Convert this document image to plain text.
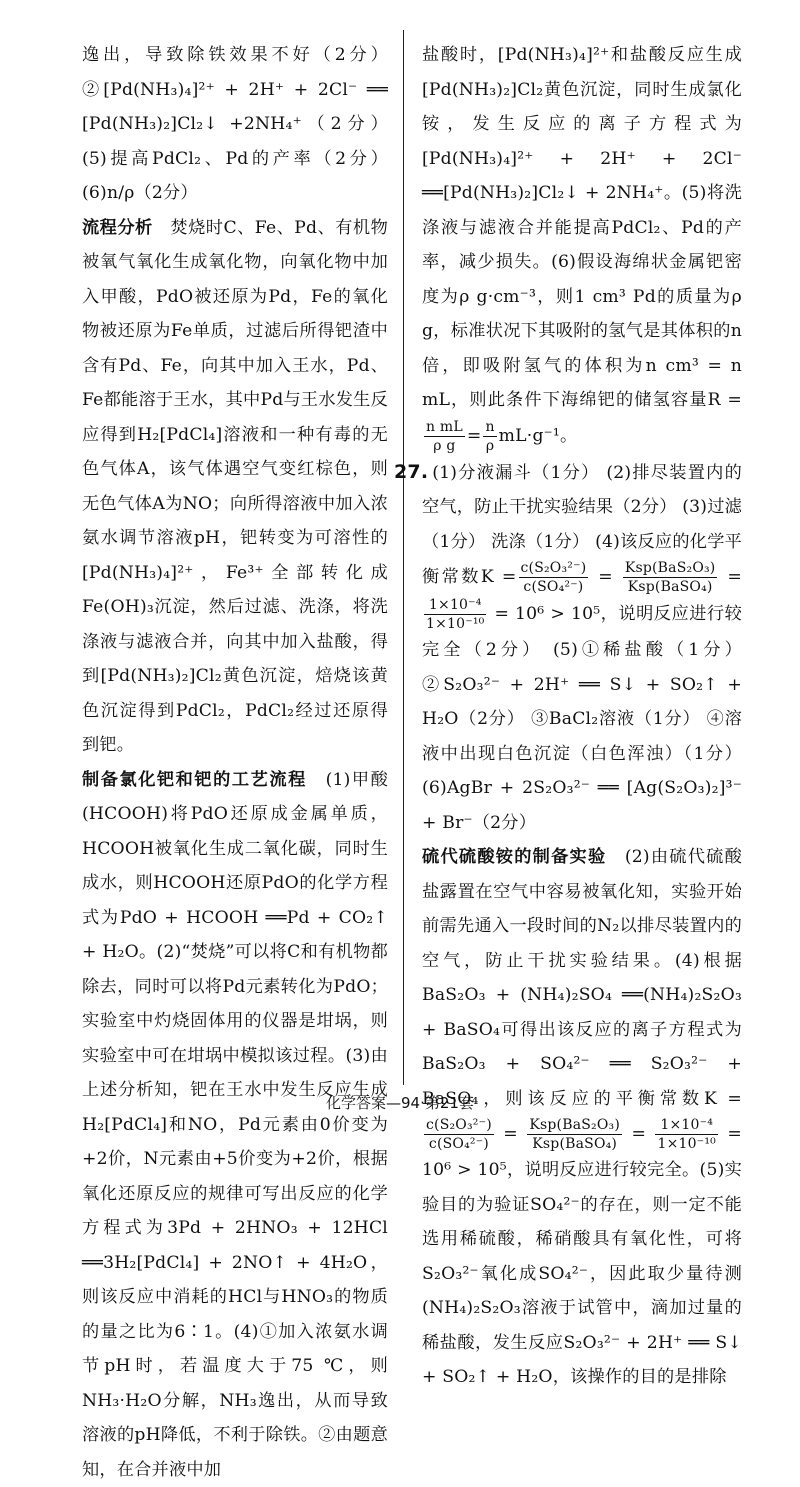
逸出，导致除铁效果不好（2分） ②[Pd(NH₃)₄]²⁺ + 2H⁺ + 2Cl⁻ ══ [Pd(NH₃)₂]Cl₂↓ +2NH₄⁺（2分） (5)提高PdCl₂、Pd的产率（2分） (6)n/ρ（2分）

流程分析　 焚烧时C、Fe、Pd、有机物被氧气氧化生成氧化物，向氧化物中加入甲酸，PdO被还原为Pd，Fe的氧化物被还原为Fe单质，过滤后所得钯渣中含有Pd、Fe，向其中加入王水，Pd、Fe都能溶于王水，其中Pd与王水发生反应得到H₂[PdCl₄]溶液和一种有毒的无色气体A，该气体遇空气变红棕色，则无色气体A为NO；向所得溶液中加入浓氨水调节溶液pH，钯转变为可溶性的[Pd(NH₃)₄]²⁺，Fe³⁺全部转化成Fe(OH)₃沉淀，然后过滤、洗涤，将洗涤液与滤液合并，向其中加入盐酸，得到[Pd(NH₃)₂]Cl₂黄色沉淀，焙烧该黄色沉淀得到PdCl₂，PdCl₂经过还原得到钯。

制备氯化钯和钯的工艺流程　 (1)甲酸(HCOOH)将PdO还原成金属单质，HCOOH被氧化生成二氧化碳，同时生成水，则HCOOH还原PdO的化学方程式为PdO + HCOOH ══Pd + CO₂↑ + H₂O。(2)“焚烧”可以将C和有机物都除去，同时可以将Pd元素转化为PdO；实验室中灼烧固体用的仪器是坩埚，则实验室中可在坩埚中模拟该过程。(3)由上述分析知，钯在王水中发生反应生成H₂[PdCl₄]和NO，Pd元素由0价变为+2价，N元素由+5价变为+2价，根据氧化还原反应的规律可写出反应的化学方程式为3Pd + 2HNO₃ + 12HCl ══3H₂[PdCl₄] + 2NO↑ + 4H₂O，则该反应中消耗的HCl与HNO₃的物质的量之比为6∶1。(4)①加入浓氨水调节pH时，若温度大于75 ℃，则NH₃·H₂O分解，NH₃逸出，从而导致溶液的pH降低，不利于除铁。②由题意知，在合并液中加

盐酸时，[Pd(NH₃)₄]²⁺和盐酸反应生成[Pd(NH₃)₂]Cl₂黄色沉淀，同时生成氯化铵，发生反应的离子方程式为[Pd(NH₃)₄]²⁺ + 2H⁺ + 2Cl⁻ ══[Pd(NH₃)₂]Cl₂↓ + 2NH₄⁺。(5)将洗涤液与滤液合并能提高PdCl₂、Pd的产率，减少损失。(6)假设海绵状金属钯密度为ρ g·cm⁻³，则1 cm³ Pd的质量为ρ g，标准状况下其吸附的氢气是其体积的n倍，即吸附氢气的体积为n cm³ = n mL，则此条件下海绵钯的储氢容量R =
$\frac{\text{n mL}}{\text{ρ g}} = \frac{n}{\rho} mL\cdot g^{-1}$。

27. (1)分液漏斗（1分） (2)排尽装置内的空气，防止干扰实验结果（2分） (3)过滤（1分） 洗涤（1分） (4)该反应的化学平衡常数$K = \frac{\text{c(S₂O₃²⁻)}}{\text{c(SO₄²⁻)}} = \frac{\text{Ksp(BaS₂O₃)}}{\text{Ksp(BaSO₄)}}$ =
$\frac{\text{1×10⁻⁴}}{\text{1×10⁻¹⁰}} = 10^6 > 10^5$，说明反应进行较完全（2分） (5)①稀盐酸（1分） ②S₂O₃²⁻ + 2H⁺ ══ S↓ + SO₂↑ + H₂O（2分） ③BaCl₂溶液（1分） ④溶液中出现白色沉淀（白色浑浊）（1分） (6)AgBr + 2S₂O₃²⁻ ══ [Ag(S₂O₃)₂]³⁻ + Br⁻（2分）

硫代硫酸铵的制备实验　 (2)由硫代硫酸盐露置在空气中容易被氧化知，实验开始前需先通入一段时间的N₂以排尽装置内的空气，防止干扰实验结果。(4)根据BaS₂O₃ + (NH₄)₂SO₄ ══(NH₄)₂S₂O₃ + BaSO₄可得出该反应的离子方程式为BaS₂O₃ + SO₄²⁻ ══ S₂O₃²⁻ + BaSO₄，则该反应的平衡常数K =
$\frac{\text{c(S₂O₃²⁻)}}{\text{c(SO₄²⁻)}} = \frac{\text{Ksp(BaS₂O₃)}}{\text{Ksp(BaSO₄)}} = \frac{\text{1×10⁻⁴}}{\text{1×10⁻¹⁰}} = 10^6 > 10^5$，说明反应进行较完全。(5)实验目的为验证SO₄²⁻的存在，则一定不能选用稀硫酸，稀硝酸具有氧化性，可将S₂O₃²⁻氧化成SO₄²⁻，因此取少量待测(NH₄)₂S₂O₃溶液于试管中，滴加过量的稀盐酸，发生反应S₂O₃²⁻ + 2H⁺ ══ S↓ + SO₂↑ + H₂O，该操作的目的是排除

化学答案—94·第21套
